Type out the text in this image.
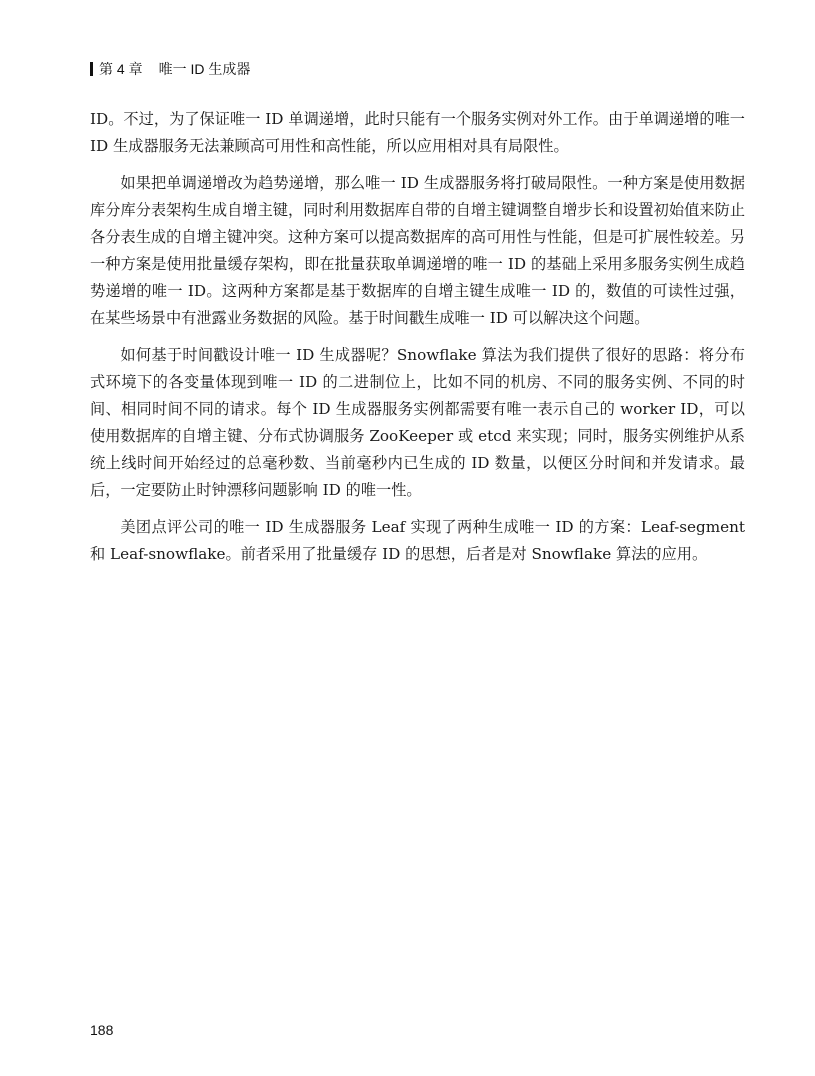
第 4 章 唯一 ID 生成器

ID。不过，为了保证唯一 ID 单调递增，此时只能有一个服务实例对外工作。由于单调递增的唯一 ID 生成器服务无法兼顾高可用性和高性能，所以应用相对具有局限性。

如果把单调递增改为趋势递增，那么唯一 ID 生成器服务将打破局限性。一种方案是使用数据库分库分表架构生成自增主键，同时利用数据库自带的自增主键调整自增步长和设置初始值来防止各分表生成的自增主键冲突。这种方案可以提高数据库的高可用性与性能，但是可扩展性较差。另一种方案是使用批量缓存架构，即在批量获取单调递增的唯一 ID 的基础上采用多服务实例生成趋势递增的唯一 ID。这两种方案都是基于数据库的自增主键生成唯一 ID 的，数值的可读性过强，在某些场景中有泄露业务数据的风险。基于时间戳生成唯一 ID 可以解决这个问题。

如何基于时间戳设计唯一 ID 生成器呢？Snowflake 算法为我们提供了很好的思路：将分布式环境下的各变量体现到唯一 ID 的二进制位上，比如不同的机房、不同的服务实例、不同的时间、相同时间不同的请求。每个 ID 生成器服务实例都需要有唯一表示自己的 worker ID，可以使用数据库的自增主键、分布式协调服务 ZooKeeper 或 etcd 来实现；同时，服务实例维护从系统上线时间开始经过的总毫秒数、当前毫秒内已生成的 ID 数量，以便区分时间和并发请求。最后，一定要防止时钟漂移问题影响 ID 的唯一性。

美团点评公司的唯一 ID 生成器服务 Leaf 实现了两种生成唯一 ID 的方案：Leaf-segment 和 Leaf-snowflake。前者采用了批量缓存 ID 的思想，后者是对 Snowflake 算法的应用。

188
